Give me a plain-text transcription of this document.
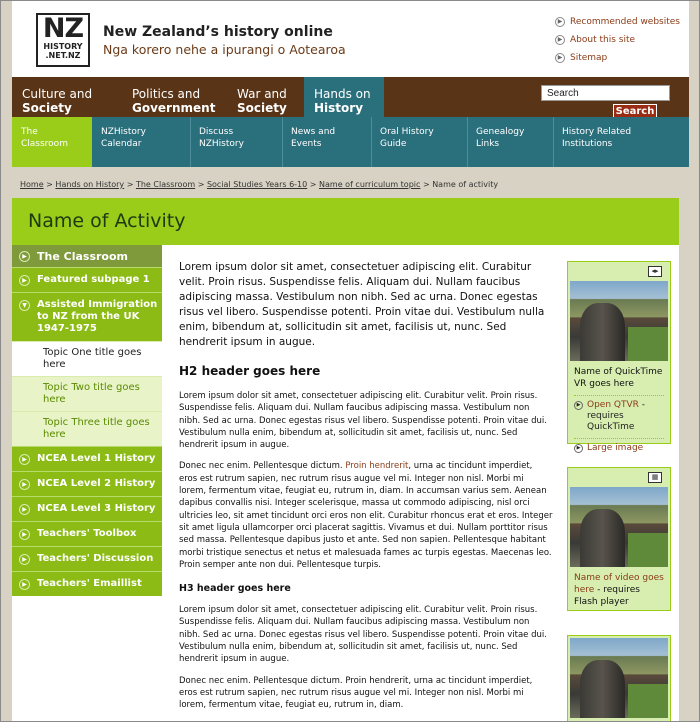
NZ
HISTORY
.NET.NZ
New Zealand’s history online
Nga korero nehe a ipurangi o Aotearoa
▶ Recommended websites
▶ About this site
▶ Sitemap
Culture and
Society
Politics and
Government
War and
Society
Hands on
History
Search	Search
The
Classroom
NZHistory
Calendar
Discuss
NZHistory
News and
Events
Oral History
Guide
Genealogy
Links
History Related
Institutions
Home > Hands on History > The Classroom > Social Studies Years 6-10 > Name of curriculum topic > Name of activity
Name of Activity
▶ The Classroom
▶	Featured subpage 1
▼	Assisted Immigration to NZ from the UK 1947-1975
Topic One title goes here
Topic Two title goes here
Topic Three title goes here
▶	NCEA Level 1 History
▶	NCEA Level 2 History
▶	NCEA Level 3 History
▶	Teachers' Toolbox
▶	Teachers' Discussion
▶	Teachers' Emaillist

Lorem ipsum dolor sit amet, consectetuer adipiscing elit. Curabitur velit. Proin risus. Suspendisse felis. Aliquam dui. Nullam faucibus adipiscing massa. Vestibulum non nibh. Sed ac urna. Donec egestas risus vel libero. Suspendisse potenti. Proin vitae dui. Vestibulum nulla enim, bibendum at, sollicitudin sit amet, facilisis ut, nunc. Sed hendrerit ipsum in augue.

H2 header goes here

Lorem ipsum dolor sit amet, consectetuer adipiscing elit. Curabitur velit. Proin risus. Suspendisse felis. Aliquam dui. Nullam faucibus adipiscing massa. Vestibulum non nibh. Sed ac urna. Donec egestas risus vel libero. Suspendisse potenti. Proin vitae dui. Vestibulum nulla enim, bibendum at, sollicitudin sit amet, facilisis ut, nunc. Sed hendrerit ipsum in augue.

Donec nec enim. Pellentesque dictum. Proin hendrerit, urna ac tincidunt imperdiet, eros est rutrum sapien, nec rutrum risus augue vel mi. Integer non nisl. Morbi mi lorem, fermentum vitae, feugiat eu, rutrum in, diam. In accumsan varius sem. Aenean dapibus convallis nisi. Integer scelerisque, massa ut commodo adipiscing, nisl orci ultricies leo, sit amet tincidunt orci eros non elit. Curabitur rhoncus erat et eros. Integer sit amet ligula ullamcorper orci placerat sagittis. Vivamus et dui. Nullam porttitor risus sed massa. Pellentesque dapibus justo et ante. Sed non sapien. Pellentesque habitant morbi tristique senectus et netus et malesuada fames ac turpis egestas. Maecenas leo. Proin semper ante non dui. Pellentesque turpis.

H3 header goes here

Lorem ipsum dolor sit amet, consectetuer adipiscing elit. Curabitur velit. Proin risus. Suspendisse felis. Aliquam dui. Nullam faucibus adipiscing massa. Vestibulum non nibh. Sed ac urna. Donec egestas risus vel libero. Suspendisse potenti. Proin vitae dui. Vestibulum nulla enim, bibendum at, sollicitudin sit amet, facilisis ut, nunc. Sed hendrerit ipsum in augue.

Donec nec enim. Pellentesque dictum. Proin hendrerit, urna ac tincidunt imperdiet, eros est rutrum sapien, nec rutrum risus augue vel mi. Integer non nisl. Morbi mi lorem, fermentum vitae, feugiat eu, rutrum in, diam.

◂▸
Name of QuickTime VR goes here
▶ Open QTVR - requires QuickTime
▶ Large image
▦
Name of video goes here - requires Flash player
